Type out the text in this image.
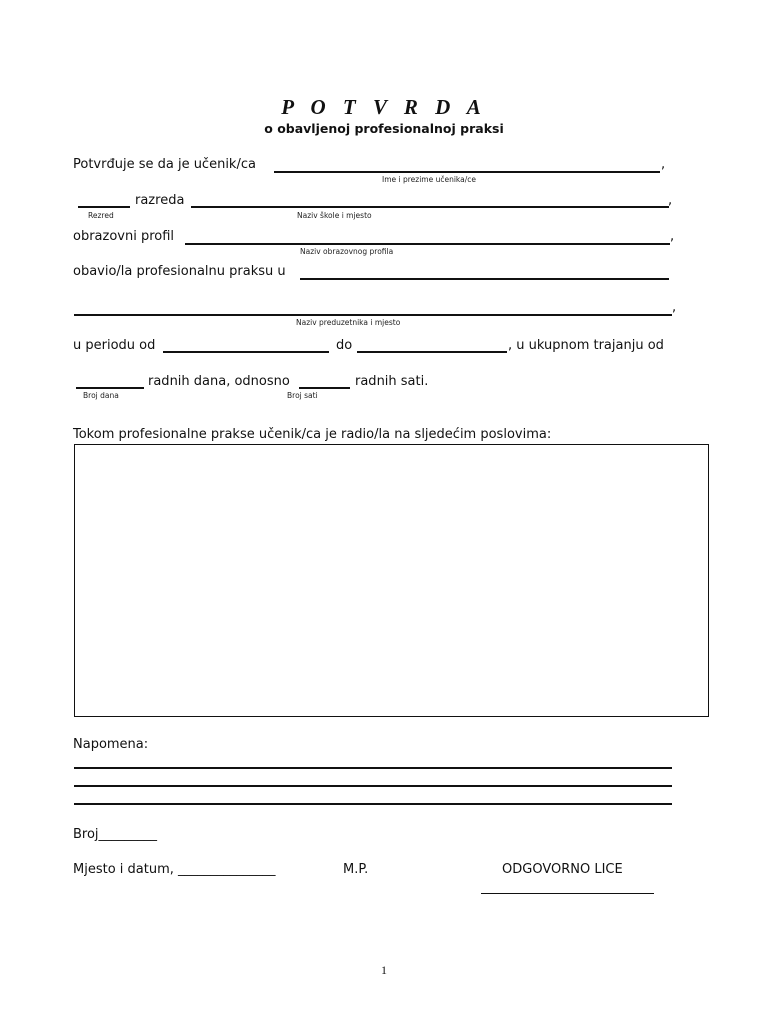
P O T V R D A
o obavljenoj profesionalnoj praksi
Potvrđuje se da je učenik/ca	,
Ime i prezime učenika/ce
razreda	,
Rezred	Naziv škole i mjesto
obrazovni profil	,
Naziv obrazovnog profila
obavio/la profesionalnu praksu u
,
Naziv preduzetnika i mjesto
u periodu od	do	, u ukupnom trajanju od
radnih dana, odnosno	radnih sati.
Broj dana	Broj sati
Tokom profesionalne prakse učenik/ca je radio/la na sljedećim poslovima:
Napomena:
Broj_________
Mjesto i datum, _______________	M.P.	ODGOVORNO LICE
1
